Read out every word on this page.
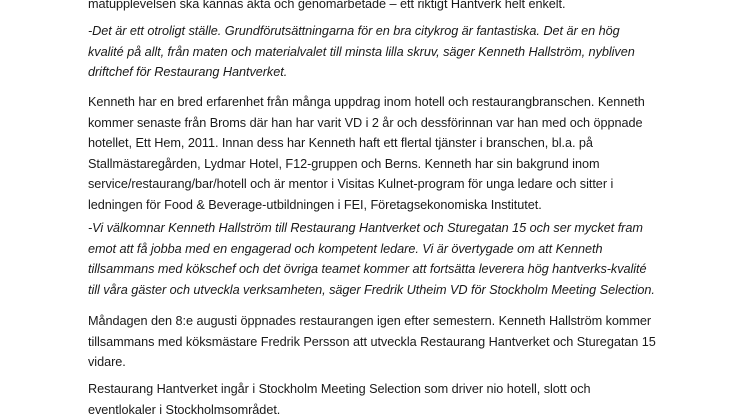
matupplevelsen ska kännas äkta och genomarbetade – ett riktigt Hantverk helt enkelt.
-Det är ett otroligt ställe. Grundförutsättningarna för en bra citykrog är fantastiska. Det är en hög
kvalité på allt, från maten och materialvalet till minsta lilla skruv, säger Kenneth Hallström, nybliven
driftchef för Restaurang Hantverket.
Kenneth har en bred erfarenhet från många uppdrag inom hotell och restaurangbranschen. Kenneth
kommer senaste från Broms där han har varit VD i 2 år och dessförinnan var han med och öppnade
hotellet, Ett Hem, 2011. Innan dess har Kenneth haft ett flertal tjänster i branschen, bl.a. på
Stallmästaregården, Lydmar Hotel, F12-gruppen och Berns. Kenneth har sin bakgrund inom
service/restaurang/bar/hotell och är mentor i Visitas Kulnet-program för unga ledare och sitter i
ledningen för Food & Beverage-utbildningen i FEI, Företagsekonomiska Institutet.
-Vi välkomnar Kenneth Hallström till Restaurang Hantverket och Sturegatan 15 och ser mycket fram
emot att få jobba med en engagerad och kompetent ledare. Vi är övertygade om att Kenneth
tillsammans med kökschef och det övriga teamet kommer att fortsätta leverera hög hantverks-kvalité
till våra gäster och utveckla verksamheten, säger Fredrik Utheim VD för Stockholm Meeting Selection.
Måndagen den 8:e augusti öppnades restaurangen igen efter semestern. Kenneth Hallström kommer
tillsammans med köksmästare Fredrik Persson att utveckla Restaurang Hantverket och Sturegatan 15
vidare.
Restaurang Hantverket ingår i Stockholm Meeting Selection som driver nio hotell, slott och
eventlokaler i Stockholmsområdet.
